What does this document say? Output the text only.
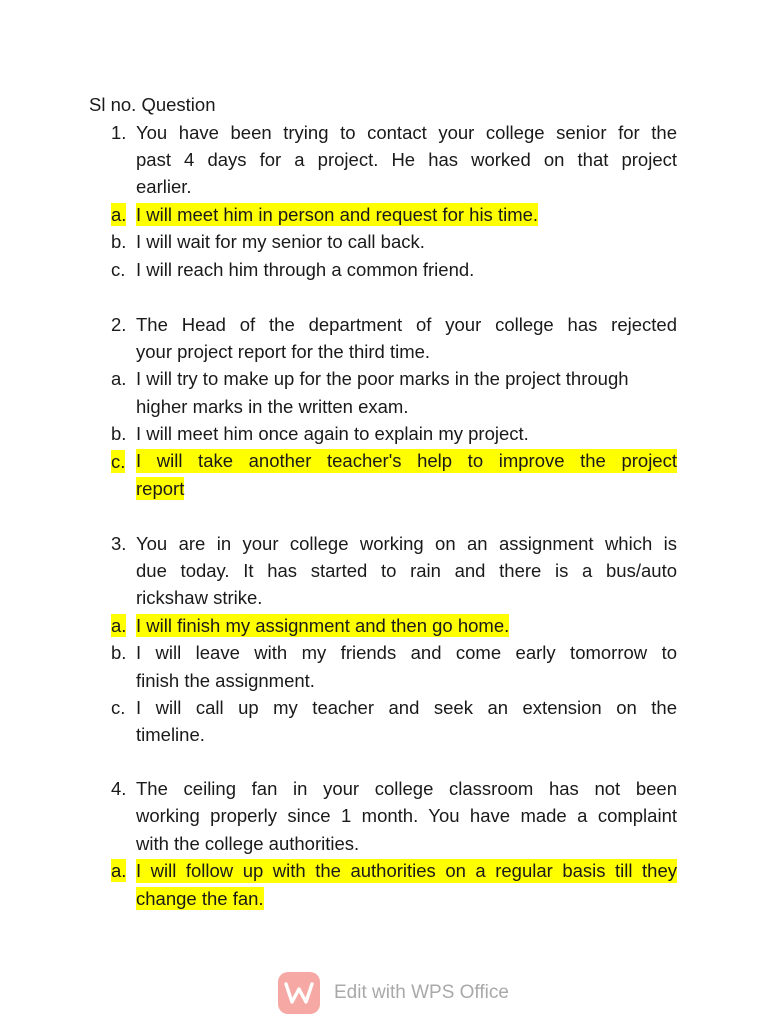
Sl no. Question
1. You have been trying to contact your college senior for the
past 4 days for a project. He has worked on that project
earlier.
a. I will meet him in person and request for his time.
b. I will wait for my senior to call back.
c. I will reach him through a common friend.
2. The Head of the department of your college has rejected
your project report for the third time.
a. I will try to make up for the poor marks in the project through
higher marks in the written exam.
b. I will meet him once again to explain my project.
c. I will take another teacher's help to improve the project
report
3. You are in your college working on an assignment which is
due today. It has started to rain and there is a bus/auto
rickshaw strike.
a. I will finish my assignment and then go home.
b. I will leave with my friends and come early tomorrow to
finish the assignment.
c. I will call up my teacher and seek an extension on the
timeline.
4. The ceiling fan in your college classroom has not been
working properly since 1 month. You have made a complaint
with the college authorities.
a. I will follow up with the authorities on a regular basis till they
change the fan.
Edit with WPS Office
